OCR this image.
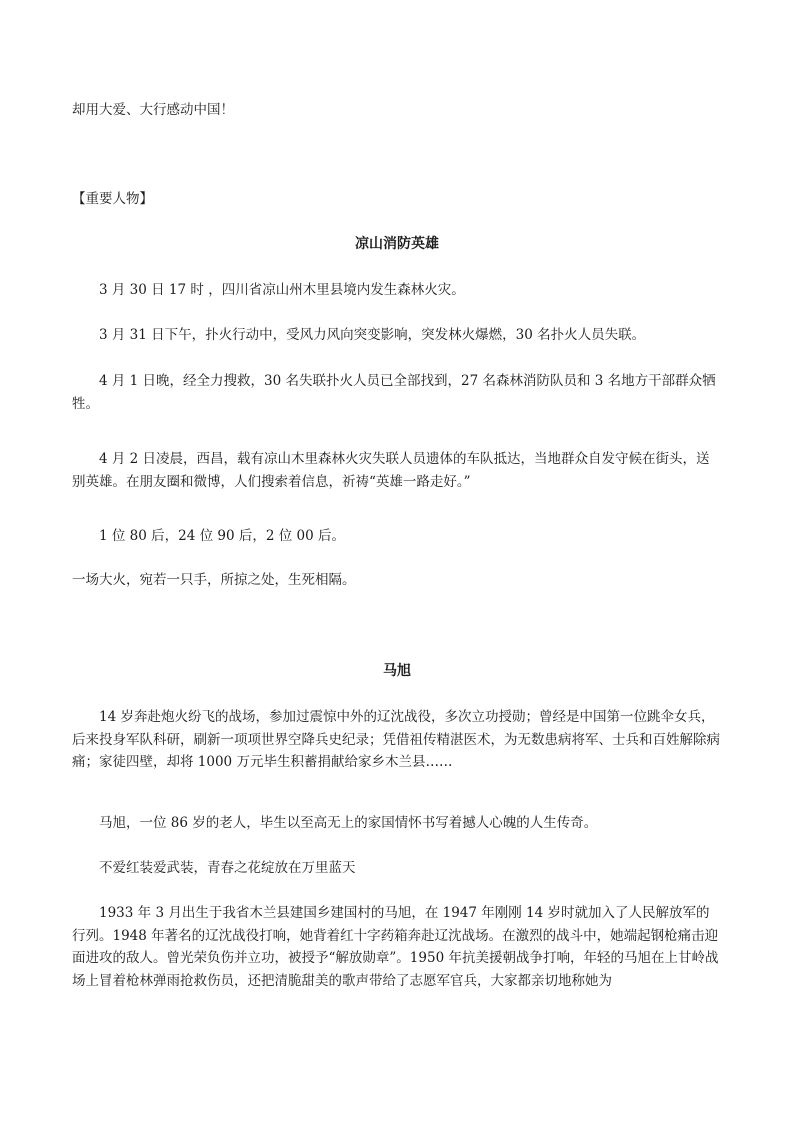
却用大爱、大行感动中国！

【重要人物】

凉山消防英雄

3 月 30 日 17 时 ，四川省凉山州木里县境内发生森林火灾。

3 月 31 日下午，扑火行动中，受风力风向突变影响，突发林火爆燃，30 名扑火人员失联。

4 月 1 日晚，经全力搜救，30 名失联扑火人员已全部找到，27 名森林消防队员和 3 名地方干部群众牺牲。

4 月 2 日凌晨，西昌，载有凉山木里森林火灾失联人员遗体的车队抵达，当地群众自发守候在街头，送别英雄。在朋友圈和微博，人们搜索着信息，祈祷“英雄一路走好。”

1 位 80 后，24 位 90 后，2 位 00 后。

一场大火，宛若一只手，所掠之处，生死相隔。

马旭

14 岁奔赴炮火纷飞的战场，参加过震惊中外的辽沈战役，多次立功授勋；曾经是中国第一位跳伞女兵，后来投身军队科研，刷新一项项世界空降兵史纪录；凭借祖传精湛医术，为无数患病将军、士兵和百姓解除病痛；家徒四壁，却将 1000 万元毕生积蓄捐献给家乡木兰县……

马旭，一位 86 岁的老人，毕生以至高无上的家国情怀书写着撼人心魄的人生传奇。

不爱红装爱武装，青春之花绽放在万里蓝天

1933 年 3 月出生于我省木兰县建国乡建国村的马旭，在 1947 年刚刚 14 岁时就加入了人民解放军的行列。1948 年著名的辽沈战役打响，她背着红十字药箱奔赴辽沈战场。在激烈的战斗中，她端起钢枪痛击迎面进攻的敌人。曾光荣负伤并立功，被授予“解放勋章”。1950 年抗美援朝战争打响，年轻的马旭在上甘岭战场上冒着枪林弹雨抢救伤员，还把清脆甜美的歌声带给了志愿军官兵，大家都亲切地称她为
